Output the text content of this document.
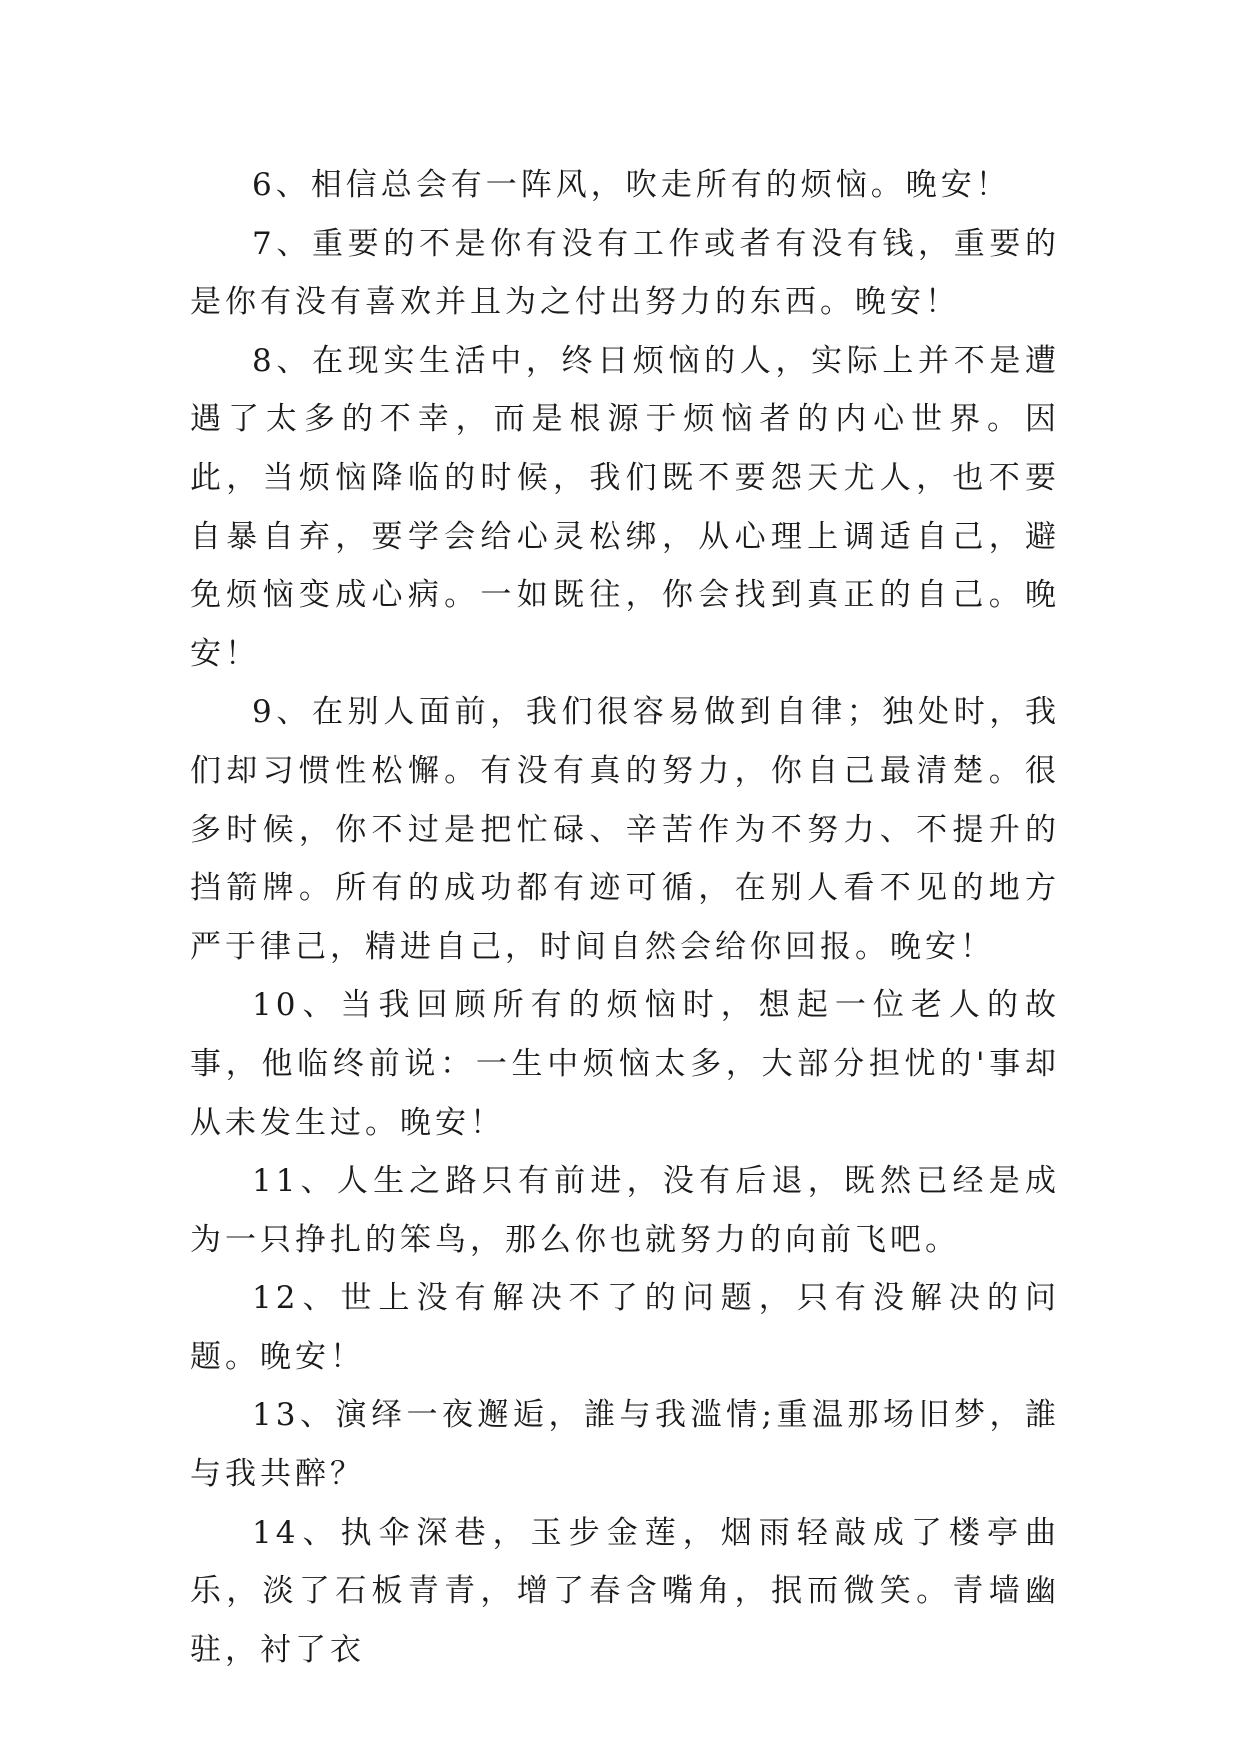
6、相信总会有一阵风，吹走所有的烦恼。晚安！

7、重要的不是你有没有工作或者有没有钱，重要的是你有没有喜欢并且为之付出努力的东西。晚安！

8、在现实生活中，终日烦恼的人，实际上并不是遭遇了太多的不幸，而是根源于烦恼者的内心世界。因此，当烦恼降临的时候，我们既不要怨天尤人，也不要自暴自弃，要学会给心灵松绑，从心理上调适自己，避免烦恼变成心病。一如既往，你会找到真正的自己。晚安！

9、在别人面前，我们很容易做到自律；独处时，我们却习惯性松懈。有没有真的努力，你自己最清楚。很多时候，你不过是把忙碌、辛苦作为不努力、不提升的挡箭牌。所有的成功都有迹可循，在别人看不见的地方严于律己，精进自己，时间自然会给你回报。晚安！

10、当我回顾所有的烦恼时，想起一位老人的故事，他临终前说：一生中烦恼太多，大部分担忧的'事却从未发生过。晚安！

11、人生之路只有前进，没有后退，既然已经是成为一只挣扎的笨鸟，那么你也就努力的向前飞吧。

12、世上没有解决不了的问题，只有没解决的问题。晚安！

13、演绎一夜邂逅，誰与我滥情;重温那场旧梦，誰与我共醉？

14、执伞深巷，玉步金莲，烟雨轻敲成了楼亭曲乐，淡了石板青青，增了春含嘴角，抿而微笑。青墙幽驻，衬了衣
